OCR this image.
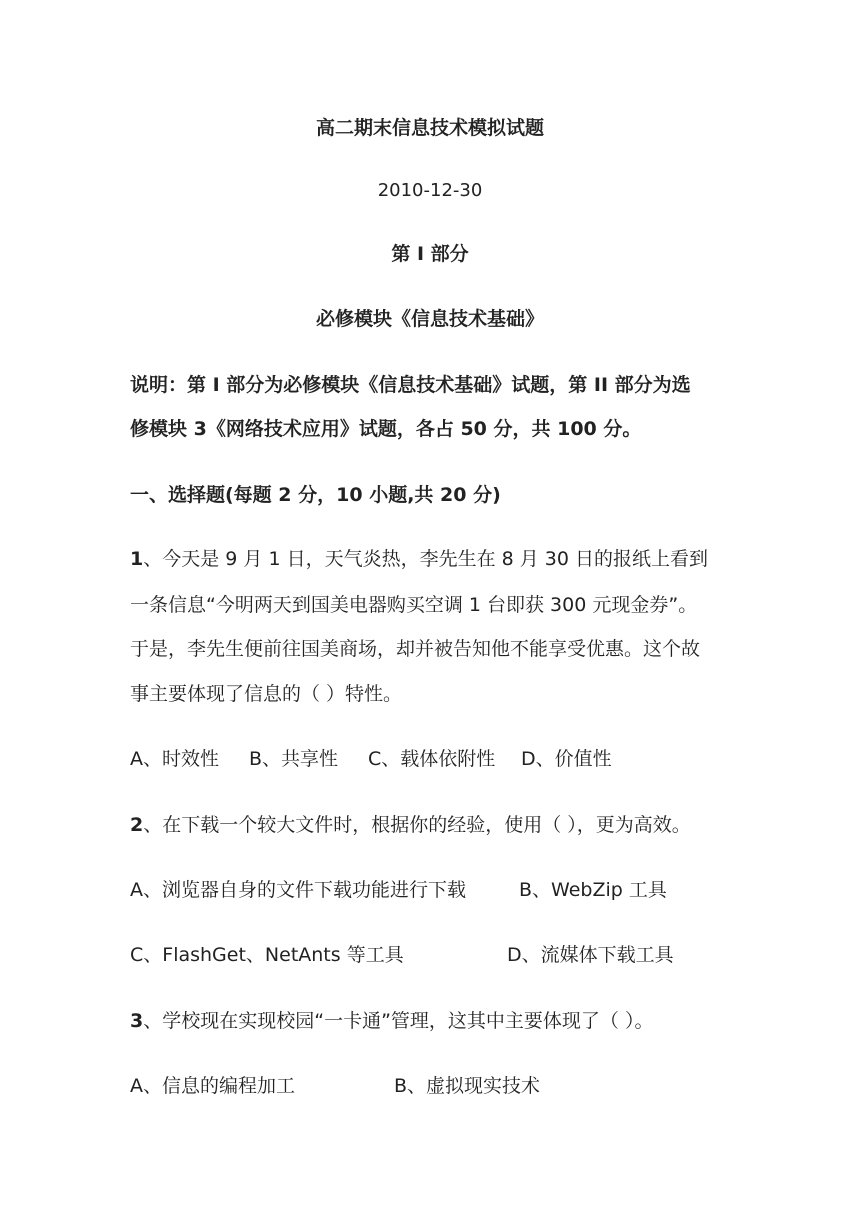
高二期末信息技术模拟试题
2010-12-30
第 I 部分
必修模块《信息技术基础》
说明：第 I 部分为必修模块《信息技术基础》试题，第 II 部分为选
修模块 3《网络技术应用》试题，各占 50 分，共 100 分。
一、选择题(每题 2 分，10 小题,共 20 分)
1、今天是 9 月 1 日，天气炎热，李先生在 8 月 30 日的报纸上看到
一条信息“今明两天到国美电器购买空调 1 台即获 300 元现金券”。
于是，李先生便前往国美商场，却并被告知他不能享受优惠。这个故
事主要体现了信息的（ ）特性。
A、时效性 B、共享性 C、载体依附性 D、价值性
2、在下载一个较大文件时，根据你的经验，使用（ ），更为高效。
A、浏览器自身的文件下载功能进行下载	B、WebZip 工具
C、FlashGet、NetAnts 等工具	D、流媒体下载工具
3、学校现在实现校园“一卡通”管理，这其中主要体现了（ ）。
A、信息的编程加工	B、虚拟现实技术
